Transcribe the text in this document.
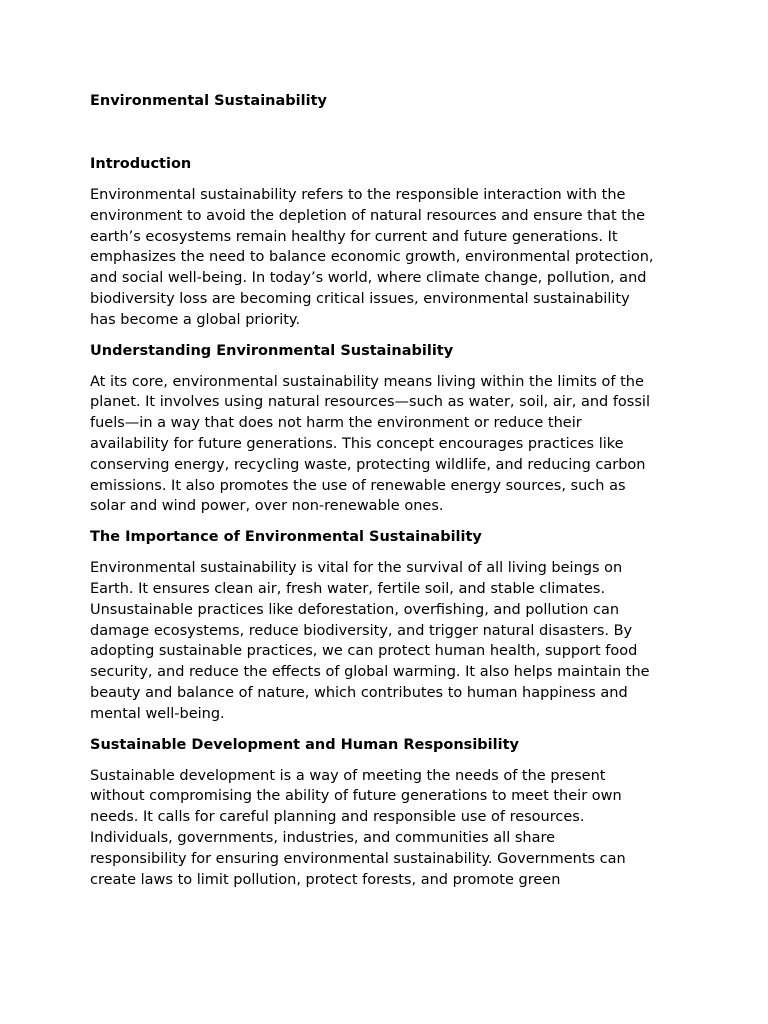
Environmental Sustainability
Introduction
Environmental sustainability refers to the responsible interaction with the
environment to avoid the depletion of natural resources and ensure that the
earth’s ecosystems remain healthy for current and future generations. It
emphasizes the need to balance economic growth, environmental protection,
and social well-being. In today’s world, where climate change, pollution, and
biodiversity loss are becoming critical issues, environmental sustainability
has become a global priority.
Understanding Environmental Sustainability
At its core, environmental sustainability means living within the limits of the
planet. It involves using natural resources—such as water, soil, air, and fossil
fuels—in a way that does not harm the environment or reduce their
availability for future generations. This concept encourages practices like
conserving energy, recycling waste, protecting wildlife, and reducing carbon
emissions. It also promotes the use of renewable energy sources, such as
solar and wind power, over non-renewable ones.
The Importance of Environmental Sustainability
Environmental sustainability is vital for the survival of all living beings on
Earth. It ensures clean air, fresh water, fertile soil, and stable climates.
Unsustainable practices like deforestation, overfishing, and pollution can
damage ecosystems, reduce biodiversity, and trigger natural disasters. By
adopting sustainable practices, we can protect human health, support food
security, and reduce the effects of global warming. It also helps maintain the
beauty and balance of nature, which contributes to human happiness and
mental well-being.
Sustainable Development and Human Responsibility
Sustainable development is a way of meeting the needs of the present
without compromising the ability of future generations to meet their own
needs. It calls for careful planning and responsible use of resources.
Individuals, governments, industries, and communities all share
responsibility for ensuring environmental sustainability. Governments can
create laws to limit pollution, protect forests, and promote green
